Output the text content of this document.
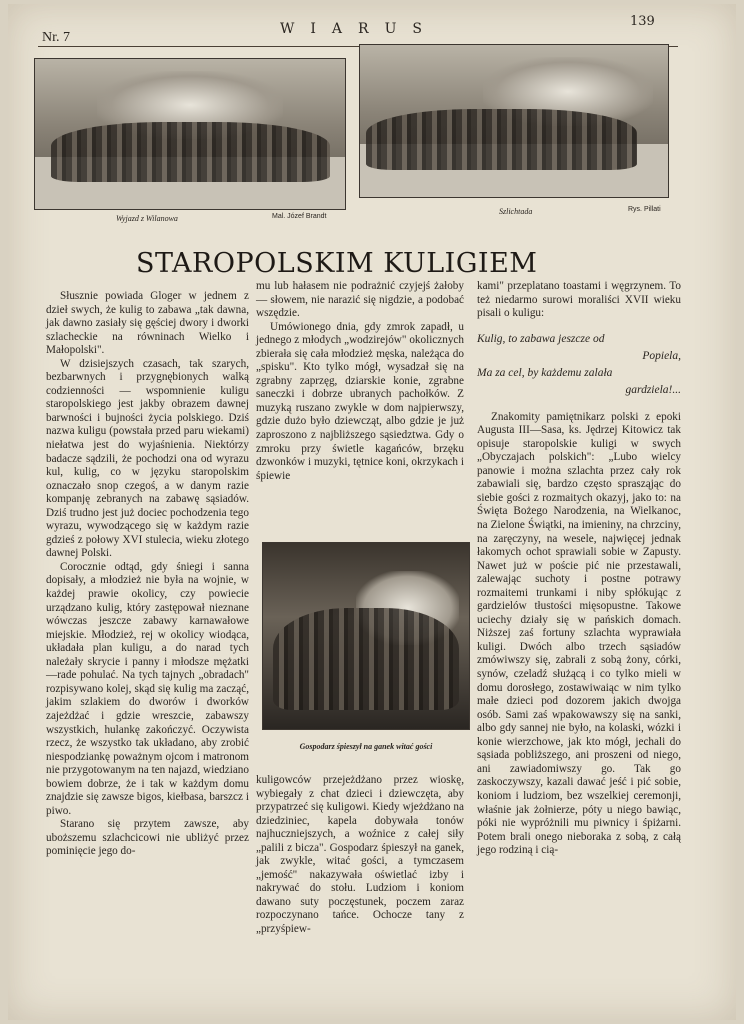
Nr. 7
WIARUS	139
Wyjazd z Wilanowa	Mal. Józef Brandt
Szlichtada	Rys. Pillati
STAROPOLSKIM KULIGIEM

Słusznie powiada Gloger w jednem z dzieł swych, że kulig to zabawa „tak dawna, jak dawno zasiały się gęściej dwory i dworki szlacheckie na równinach Wielko i Małopolski".

W dzisiejszych czasach, tak szarych, bezbarwnych i przygnębionych walką codzienności — wspomnienie kuligu staropolskiego jest jakby obrazem dawnej barwności i bujności życia polskiego. Dziś nazwa kuligu (powstała przed paru wiekami) niełatwa jest do wyjaśnienia. Niektórzy badacze sądzili, że pochodzi ona od wyrazu kul, kulig, co w języku staropolskim oznaczało snop czegoś, a w danym razie kompanję zebranych na zabawę sąsiadów. Dziś trudno jest już dociec pochodzenia tego wyrazu, wywodzącego się w każdym razie gdzieś z połowy XVI stulecia, wieku złotego dawnej Polski.

Corocznie odtąd, gdy śniegi i sanna dopisały, a młodzież nie była na wojnie, w każdej prawie okolicy, czy powiecie urządzano kulig, który zastępował nieznane wówczas jeszcze zabawy karnawałowe miejskie. Młodzież, rej w okolicy wiodąca, układała plan kuligu, a do narad tych należały skrycie i panny i młodsze mężatki—rade pohulać. Na tych tajnych „obradach" rozpisywano kolej, skąd się kulig ma zacząć, jakim szlakiem do dworów i dworków zajeżdżać i gdzie wreszcie, zabawszy wszystkich, hulankę zakończyć. Oczywista rzecz, że wszystko tak układano, aby zrobić niespodziankę poważnym ojcom i matronom nie przygotowanym na ten najazd, wiedziano bowiem dobrze, że i tak w każdym domu znajdzie się zawsze bigos, kiełbasa, barszcz i piwo.

Starano się przytem zawsze, aby uboższemu szlachcicowi nie ubliżyć przez pominięcie jego do-

mu lub hałasem nie podrażnić czyjejś żałoby — słowem, nie narazić się nigdzie, a podobać wszędzie.

Umówionego dnia, gdy zmrok zapadł, u jednego z młodych „wodzirejów" okolicznych zbierała się cała młodzież męska, należąca do „spisku". Kto tylko mógł, wysadzał się na zgrabny zaprzęg, dziarskie konie, zgrabne saneczki i dobrze ubranych pachołków. Z muzyką ruszano zwykle w dom najpierwszy, gdzie dużo było dziewcząt, albo gdzie je już zaproszono z najbliższego sąsiedztwa. Gdy o zmroku przy świetle kagańców, brzęku dzwonków i muzyki, tętnice koni, okrzykach i śpiewie

Gospodarz śpieszył na ganek witać gości

kuligowców przejeżdżano przez wioskę, wybiegały z chat dzieci i dziewczęta, aby przypatrzeć się kuligowi. Kiedy wjeżdżano na dziedziniec, kapela dobywała tonów najhuczniejszych, a woźnice z całej siły „palili z bicza". Gospodarz śpieszył na ganek, jak zwykle, witać gości, a tymczasem „jemość" nakazywała oświetlać izby i nakrywać do stołu. Ludziom i koniom dawano suty poczęstunek, poczem zaraz rozpoczynano tańce. Ochocze tany z „przyśpiew-

kami" przeplatano toastami i węgrzynem. To też niedarmo surowi moraliści XVII wieku pisali o kuligu:

Kulig, to zabawa jeszcze od
Popiela,
Ma za cel, by każdemu zalała
gardziela!...

Znakomity pamiętnikarz polski z epoki Augusta III—Sasa, ks. Jędrzej Kitowicz tak opisuje staropolskie kuligi w swych „Obyczajach polskich": „Lubo wielcy panowie i można szlachta przez cały rok zabawiali się, bardzo często sprasząjąc do siebie gości z rozmaitych okazyj, jako to: na Święta Bożego Narodzenia, na Wielkanoc, na Zielone Świątki, na imieniny, na chrzciny, na zaręczyny, na wesele, najwięcej jednak łakomych ochot sprawiali sobie w Zapusty. Nawet już w poście pić nie przestawali, zalewając suchoty i postne potrawy rozmaitemi trunkami i niby spłókując z gardzielów tłustości mięsopustne. Takowe uciechy działy się w pańskich domach. Niższej zaś fortuny szlachta wyprawiała kuligi. Dwóch albo trzech sąsiadów zmówiwszy się, zabrali z sobą żony, córki, synów, czeladź służącą i co tylko mieli w domu dorosłego, zostawiwaiąc w nim tylko małe dzieci pod dozorem jakich dwojga osób. Sami zaś wpakowawszy się na sanki, albo gdy sannej nie było, na kolaski, wózki i konie wierzchowe, jak kto mógł, jechali do sąsiada pobliższego, ani proszeni od niego, ani zawiadomiwszy go. Tak go zaskoczywszy, kazali dawać jeść i pić sobie, koniom i ludziom, bez wszelkiej ceremonji, właśnie jak żołnierze, póty u niego bawiąc, póki nie wypróżnili mu piwnicy i śpiżarni. Potem brali onego nieboraka z sobą, z całą jego rodziną i cią-
